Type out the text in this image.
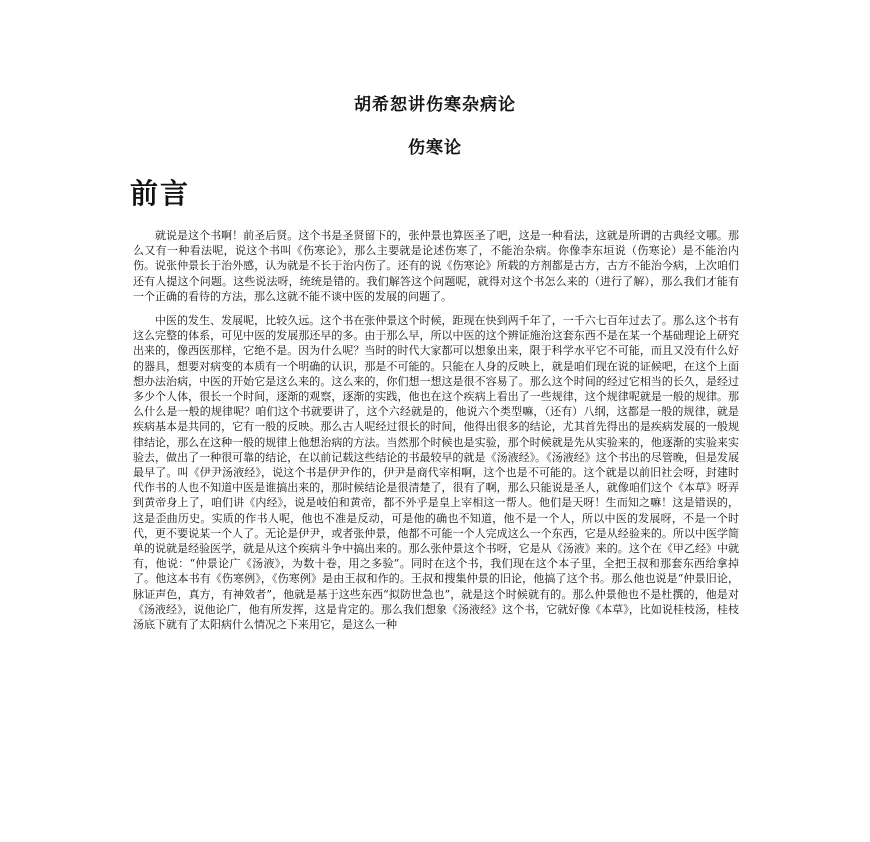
胡希恕讲伤寒杂病论
伤寒论
前言

就说是这个书啊！前圣后贤。这个书是圣贤留下的，张仲景也算医圣了吧，这是一种看法，这就是所谓的古典经文哪。那么又有一种看法呢，说这个书叫《伤寒论》，那么主要就是论述伤寒了，不能治杂病。你像李东垣说（伤寒论）是不能治内伤。说张仲景长于治外感，认为就是不长于治内伤了。还有的说《伤寒论》所载的方剂都是古方，古方不能治今病，上次咱们还有人提这个问题。这些说法呀，统统是错的。我们解答这个问题呢，就得对这个书怎么来的（进行了解），那么我们才能有一个正确的看待的方法，那么这就不能不谈中医的发展的问题了。

中医的发生、发展呢，比较久远。这个书在张仲景这个时候，距现在快到两千年了，一千六七百年过去了。那么这个书有这么完整的体系，可见中医的发展那还早的多。由于那么早，所以中医的这个辨证施治这套东西不是在某一个基础理论上研究出来的，像西医那样，它绝不是。因为什么呢？当时的时代大家都可以想象出来，限于科学水平它不可能，而且又没有什么好的器具，想要对病变的本质有一个明确的认识，那是不可能的。只能在人身的反映上，就是咱们现在说的证候吧，在这个上面想办法治病，中医的开始它是这么来的。这么来的，你们想一想这是很不容易了。那么这个时间的经过它相当的长久，是经过多少个人体，很长一个时间，逐渐的观察，逐渐的实践，他也在这个疾病上看出了一些规律，这个规律呢就是一般的规律。那么什么是一般的规律呢？咱们这个书就要讲了，这个六经就是的，他说六个类型嘛，（还有）八纲，这都是一般的规律，就是疾病基本是共同的，它有一般的反映。那么古人呢经过很长的时间，他得出很多的结论，尤其首先得出的是疾病发展的一般规律结论，那么在这种一般的规律上他想治病的方法。当然那个时候也是实验，那个时候就是先从实验来的，他逐渐的实验来实验去，做出了一种很可靠的结论，在以前记载这些结论的书最较早的就是《汤液经》。《汤液经》这个书出的尽管晚，但是发展最早了。叫《伊尹汤液经》，说这个书是伊尹作的，伊尹是商代宰相啊，这个也是不可能的。这个就是以前旧社会呀，封建时代作书的人也不知道中医是谁搞出来的，那时候结论是很清楚了，很有了啊，那么只能说是圣人，就像咱们这个《本草》呀弄到黄帝身上了，咱们讲《内经》，说是岐伯和黄帝，都不外乎是皇上宰相这一帮人。他们是天呀！生而知之嘛！这是错误的，这是歪曲历史。实质的作书人呢，他也不准是反动，可是他的确也不知道，他不是一个人，所以中医的发展呀，不是一个时代，更不要说某一个人了。无论是伊尹，或者张仲景，他都不可能一个人完成这么一个东西，它是从经验来的。所以中医学简单的说就是经验医学，就是从这个疾病斗争中搞出来的。那么张仲景这个书呀，它是从《汤液》来的。这个在《甲乙经》中就有，他说：“仲景论广《汤液》，为数十卷，用之多验”。同时在这个书，我们现在这个本子里，全把王叔和那套东西给拿掉了。他这本书有《伤寒例》，《伤寒例》是由王叔和作的。王叔和搜集仲景的旧论，他搞了这个书。那么他也说是“仲景旧论，脉证声色，真方，有神效者”，他就是基于这些东西“拟防世急也”，就是这个时候就有的。那么仲景他也不是杜撰的，他是对《汤液经》，说他论广，他有所发挥，这是肯定的。那么我们想象《汤液经》这个书，它就好像《本草》，比如说桂枝汤，桂枝汤底下就有了太阳病什么情况之下来用它，是这么一种
